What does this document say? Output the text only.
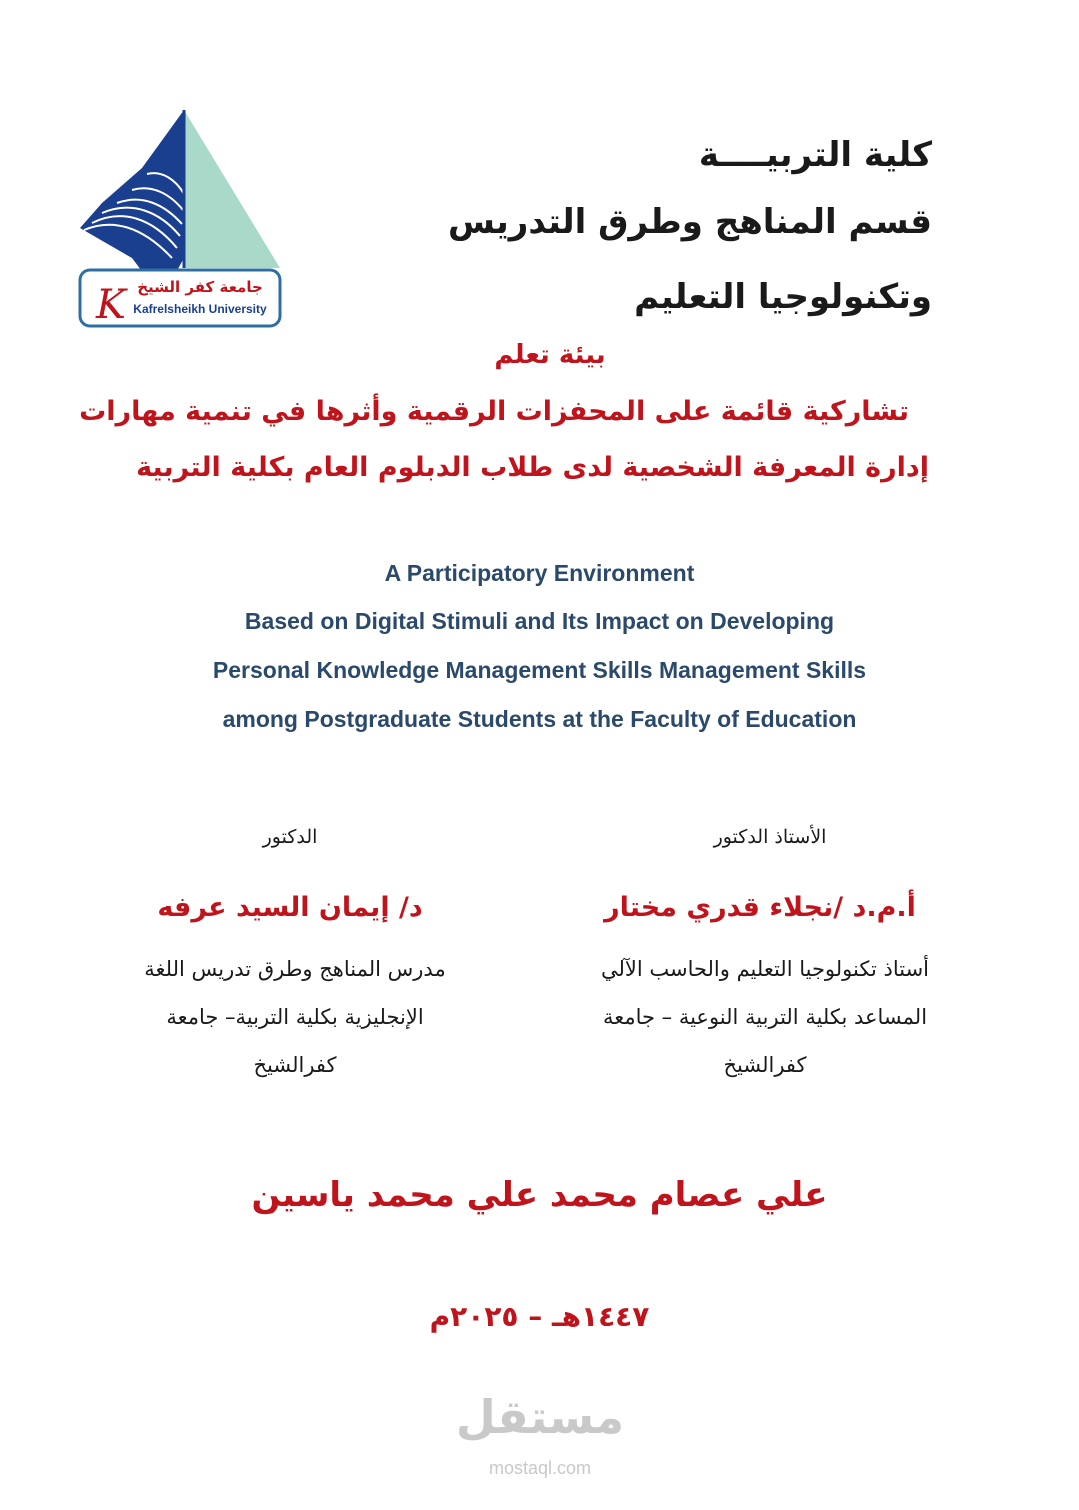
K جامعة كفر الشيخ
Kafrelsheikh University
كلية التربيــــة
قسم المناهج وطرق التدريس
وتكنولوجيا التعليم
بيئة تعلم
تشاركية قائمة على المحفزات الرقمية وأثرها في تنمية مهارات
إدارة المعرفة الشخصية لدى طلاب الدبلوم العام بكلية التربية
A Participatory Environment
Based on Digital Stimuli and Its Impact on Developing
Personal Knowledge Management Skills Management Skills
among Postgraduate Students at the Faculty of Education
الأستاذ الدكتور
أ.م.د /نجلاء قدري مختار
أستاذ تكنولوجيا التعليم والحاسب الآلي
المساعد بكلية التربية النوعية – جامعة
كفرالشيخ
الدكتور
د/ إيمان السيد عرفه
مدرس المناهج وطرق تدريس اللغة
الإنجليزية بكلية التربية– جامعة
كفرالشيخ
علي عصام محمد علي محمد ياسين
١٤٤٧هـ – ٢٠٢٥م
مستقل
mostaql.com
